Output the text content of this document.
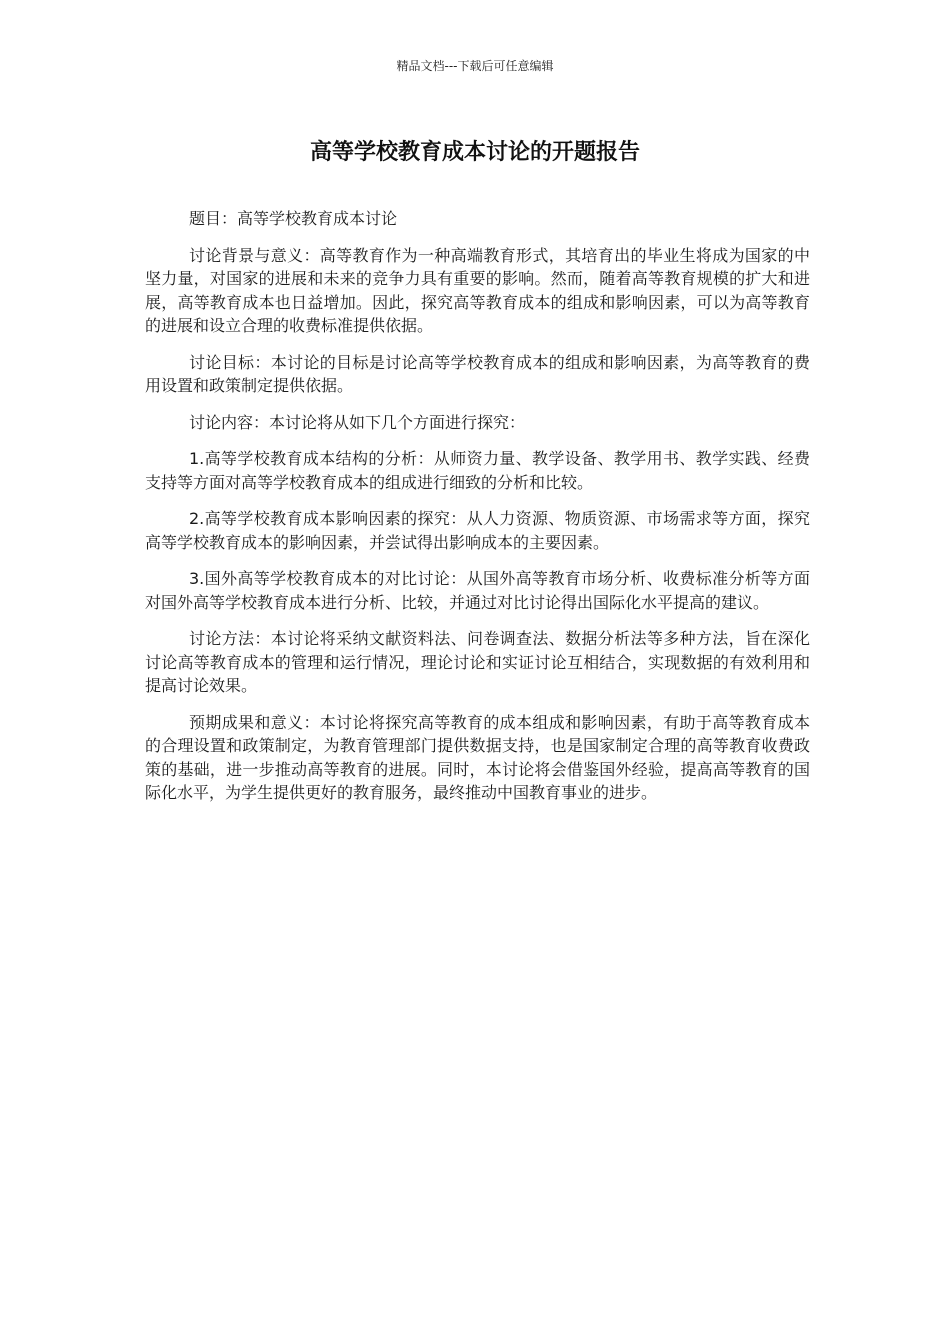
精品文档---下载后可任意编辑
高等学校教育成本讨论的开题报告

题目：高等学校教育成本讨论

讨论背景与意义：高等教育作为一种高端教育形式，其培育出的毕业生将成为国家的中坚力量，对国家的进展和未来的竞争力具有重要的影响。然而，随着高等教育规模的扩大和进展，高等教育成本也日益增加。因此，探究高等教育成本的组成和影响因素，可以为高等教育的进展和设立合理的收费标准提供依据。

讨论目标：本讨论的目标是讨论高等学校教育成本的组成和影响因素，为高等教育的费用设置和政策制定提供依据。

讨论内容：本讨论将从如下几个方面进行探究：

1.高等学校教育成本结构的分析：从师资力量、教学设备、教学用书、教学实践、经费支持等方面对高等学校教育成本的组成进行细致的分析和比较。

2.高等学校教育成本影响因素的探究：从人力资源、物质资源、市场需求等方面，探究高等学校教育成本的影响因素，并尝试得出影响成本的主要因素。

3.国外高等学校教育成本的对比讨论：从国外高等教育市场分析、收费标准分析等方面对国外高等学校教育成本进行分析、比较，并通过对比讨论得出国际化水平提高的建议。

讨论方法：本讨论将采纳文献资料法、问卷调查法、数据分析法等多种方法，旨在深化讨论高等教育成本的管理和运行情况，理论讨论和实证讨论互相结合，实现数据的有效利用和提高讨论效果。

预期成果和意义：本讨论将探究高等教育的成本组成和影响因素，有助于高等教育成本的合理设置和政策制定，为教育管理部门提供数据支持，也是国家制定合理的高等教育收费政策的基础，进一步推动高等教育的进展。同时，本讨论将会借鉴国外经验，提高高等教育的国际化水平，为学生提供更好的教育服务，最终推动中国教育事业的进步。
